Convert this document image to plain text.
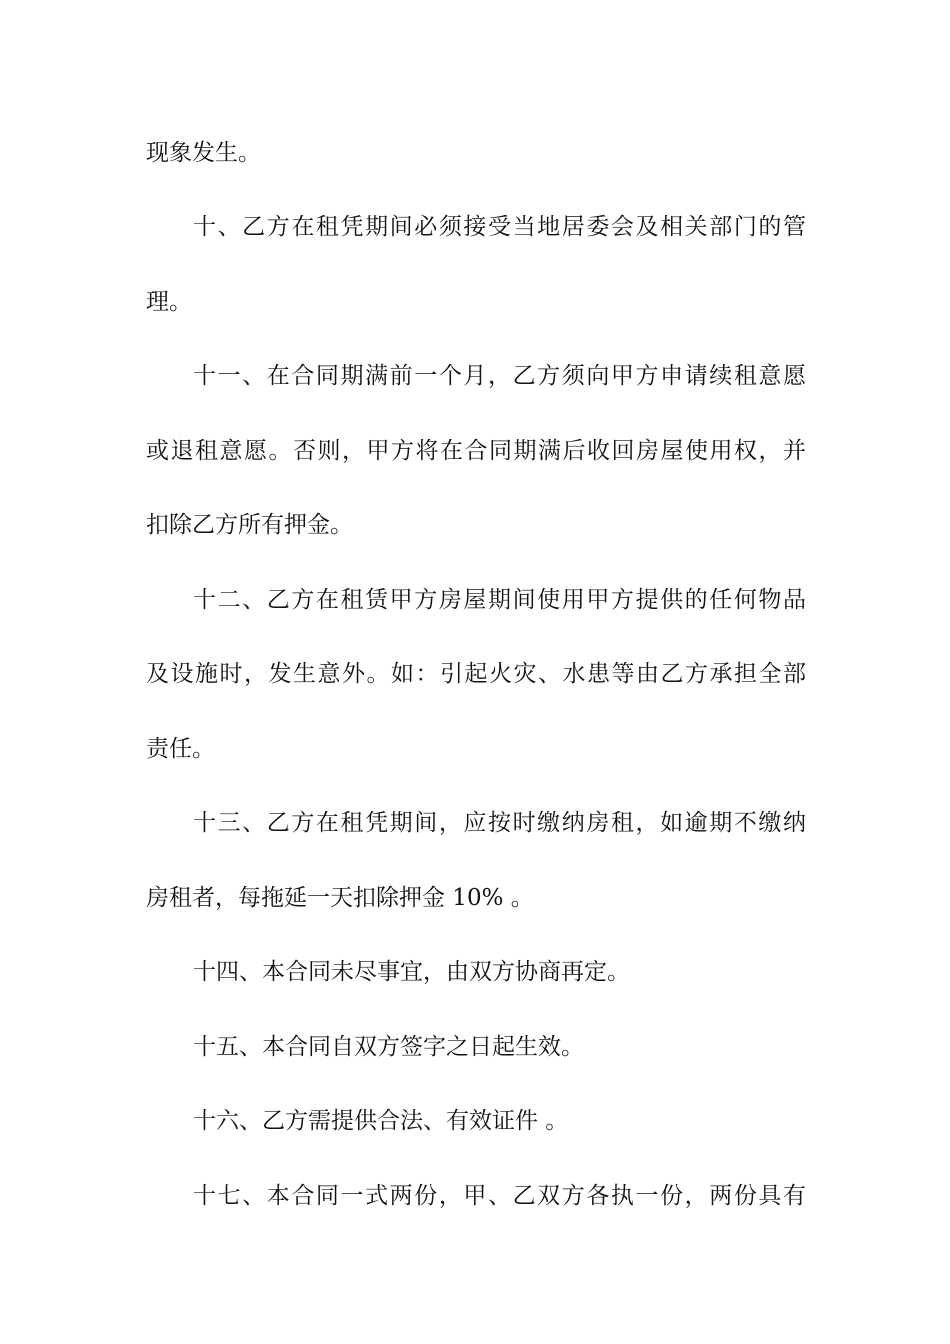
现象发生。
十、乙方在租凭期间必须接受当地居委会及相关部门的管
理。
十一、在合同期满前一个月，乙方须向甲方申请续租意愿
或退租意愿。否则，甲方将在合同期满后收回房屋使用权，并
扣除乙方所有押金。
十二、乙方在租赁甲方房屋期间使用甲方提供的任何物品
及设施时，发生意外。如：引起火灾、水患等由乙方承担全部
责任。
十三、乙方在租凭期间，应按时缴纳房租，如逾期不缴纳
房租者，每拖延一天扣除押金 10% 。
十四、本合同未尽事宜，由双方协商再定。
十五、本合同自双方签字之日起生效。
十六、乙方需提供合法、有效证件 。
十七、本合同一式两份，甲、乙双方各执一份，两份具有
